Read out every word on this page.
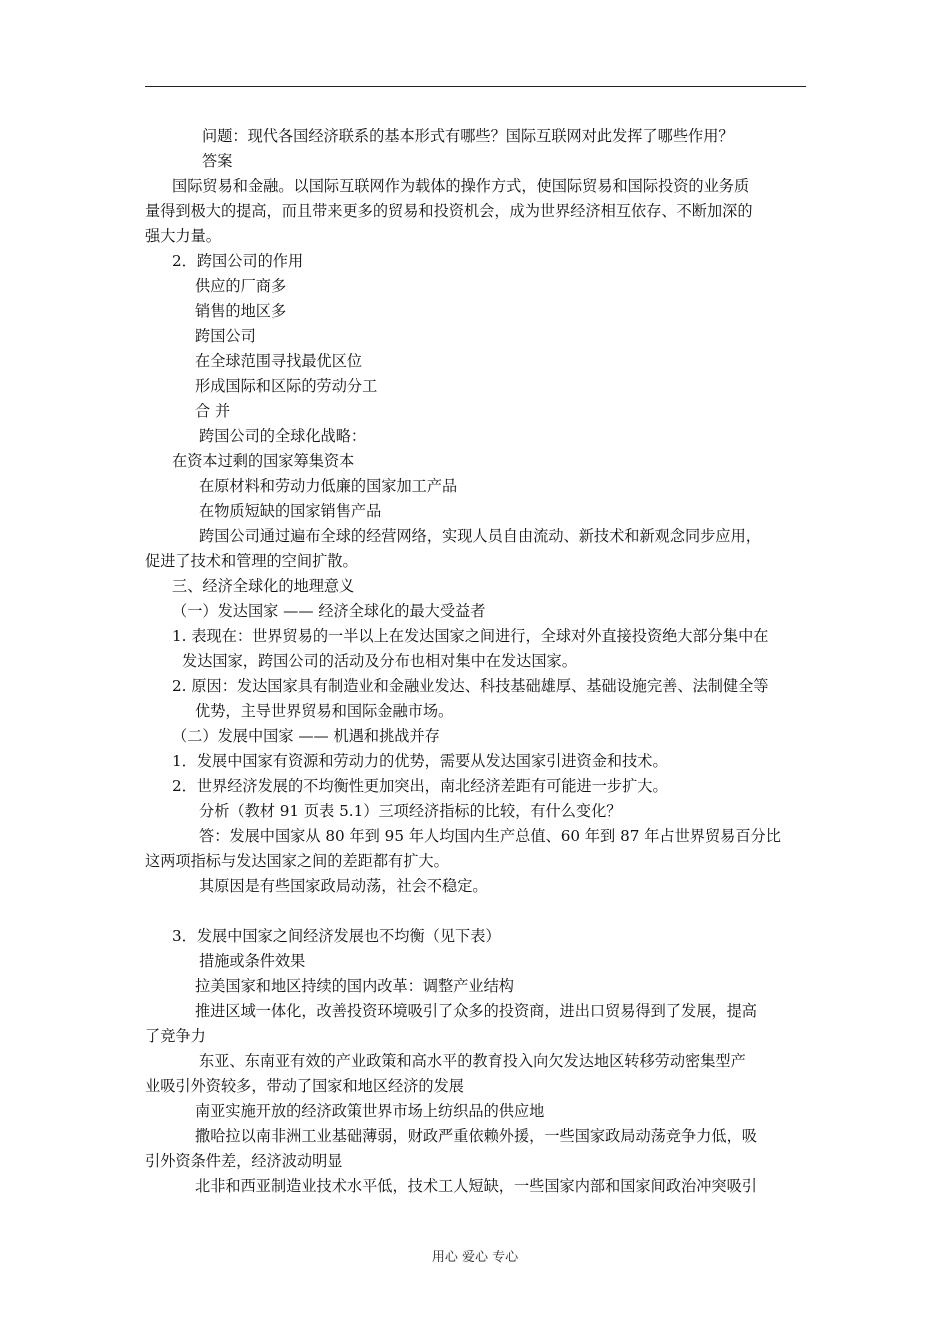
问题：现代各国经济联系的基本形式有哪些？国际互联网对此发挥了哪些作用？
答案
国际贸易和金融。以国际互联网作为载体的操作方式，使国际贸易和国际投资的业务质
量得到极大的提高，而且带来更多的贸易和投资机会，成为世界经济相互依存、不断加深的
强大力量。
2．跨国公司的作用
供应的厂商多
销售的地区多
跨国公司
在全球范围寻找最优区位
形成国际和区际的劳动分工
合 并
跨国公司的全球化战略：
在资本过剩的国家筹集资本
在原材料和劳动力低廉的国家加工产品
在物质短缺的国家销售产品
跨国公司通过遍布全球的经营网络，实现人员自由流动、新技术和新观念同步应用，
促进了技术和管理的空间扩散。
三、经济全球化的地理意义
（一）发达国家 —— 经济全球化的最大受益者
1. 表现在：世界贸易的一半以上在发达国家之间进行，全球对外直接投资绝大部分集中在
发达国家，跨国公司的活动及分布也相对集中在发达国家。
2. 原因：发达国家具有制造业和金融业发达、科技基础雄厚、基础设施完善、法制健全等
优势，主导世界贸易和国际金融市场。
（二）发展中国家 —— 机遇和挑战并存
1．发展中国家有资源和劳动力的优势，需要从发达国家引进资金和技术。
2．世界经济发展的不均衡性更加突出，南北经济差距有可能进一步扩大。
分析（教材 91 页表 5.1）三项经济指标的比较，有什么变化？
答：发展中国家从 80 年到 95 年人均国内生产总值、60 年到 87 年占世界贸易百分比
这两项指标与发达国家之间的差距都有扩大。
其原因是有些国家政局动荡，社会不稳定。
3．发展中国家之间经济发展也不均衡（见下表）
措施或条件效果
拉美国家和地区持续的国内改革：调整产业结构
推进区域一体化，改善投资环境吸引了众多的投资商，进出口贸易得到了发展，提高
了竞争力
东亚、东南亚有效的产业政策和高水平的教育投入向欠发达地区转移劳动密集型产
业吸引外资较多，带动了国家和地区经济的发展
南亚实施开放的经济政策世界市场上纺织品的供应地
撒哈拉以南非洲工业基础薄弱，财政严重依赖外援，一些国家政局动荡竞争力低，吸
引外资条件差，经济波动明显
北非和西亚制造业技术水平低，技术工人短缺，一些国家内部和国家间政治冲突吸引
用心 爱心 专心
